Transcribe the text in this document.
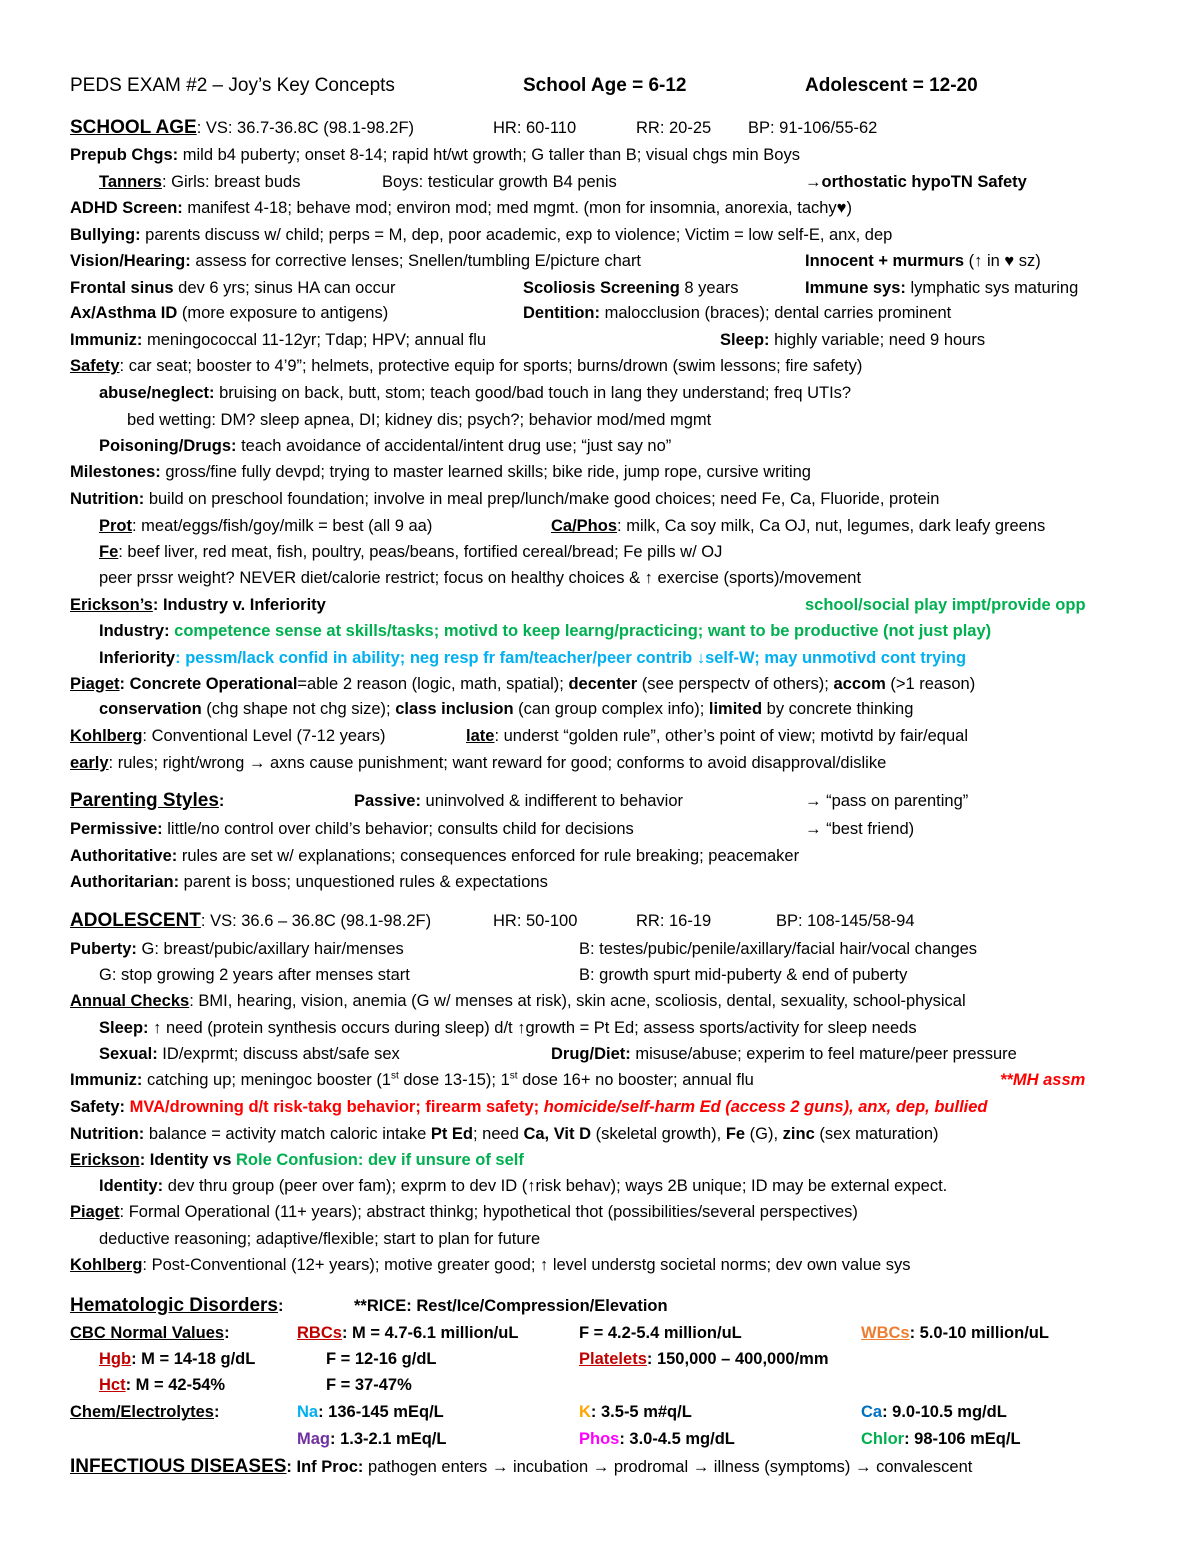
PEDS EXAM #2 – Joy’s Key Concepts	School Age = 6-12	Adolescent = 12-20
SCHOOL AGE: VS: 36.7-36.8C (98.1-98.2F)	HR: 60-110	RR: 20-25 BP: 91-106/55-62
Prepub Chgs: mild b4 puberty; onset 8-14; rapid ht/wt growth; G taller than B; visual chgs min Boys
Tanners: Girls: breast buds	Boys: testicular growth B4 penis	→orthostatic hypoTN Safety
ADHD Screen: manifest 4-18; behave mod; environ mod; med mgmt. (mon for insomnia, anorexia, tachy♥)
Bullying: parents discuss w/ child; perps = M, dep, poor academic, exp to violence; Victim = low self-E, anx, dep
Vision/Hearing: assess for corrective lenses; Snellen/tumbling E/picture chart	Innocent + murmurs (↑ in ♥ sz)
Frontal sinus dev 6 yrs; sinus HA can occur	Scoliosis Screening 8 years	Immune sys: lymphatic sys maturing
Ax/Asthma ID (more exposure to antigens)	Dentition: malocclusion (braces); dental carries prominent
Immuniz: meningococcal 11-12yr; Tdap; HPV; annual flu	Sleep: highly variable; need 9 hours
Safety: car seat; booster to 4’9”; helmets, protective equip for sports; burns/drown (swim lessons; fire safety)
abuse/neglect: bruising on back, butt, stom; teach good/bad touch in lang they understand; freq UTIs?
bed wetting: DM? sleep apnea, DI; kidney dis; psych?; behavior mod/med mgmt
Poisoning/Drugs: teach avoidance of accidental/intent drug use; “just say no”
Milestones: gross/fine fully devpd; trying to master learned skills; bike ride, jump rope, cursive writing
Nutrition: build on preschool foundation; involve in meal prep/lunch/make good choices; need Fe, Ca, Fluoride, protein
Prot: meat/eggs/fish/goy/milk = best (all 9 aa)	Ca/Phos: milk, Ca soy milk, Ca OJ, nut, legumes, dark leafy greens
Fe: beef liver, red meat, fish, poultry, peas/beans, fortified cereal/bread; Fe pills w/ OJ
peer prssr weight? NEVER diet/calorie restrict; focus on healthy choices & ↑ exercise (sports)/movement
Erickson’s: Industry v. Inferiority	school/social play impt/provide opp
Industry: competence sense at skills/tasks; motivd to keep learng/practicing; want to be productive (not just play)
Inferiority: pessm/lack confid in ability; neg resp fr fam/teacher/peer contrib ↓self-W; may unmotivd cont trying
Piaget: Concrete Operational=able 2 reason (logic, math, spatial); decenter (see perspectv of others); accom (>1 reason)
conservation (chg shape not chg size); class inclusion (can group complex info); limited by concrete thinking
Kohlberg: Conventional Level (7-12 years)	late: underst “golden rule”, other’s point of view; motivtd by fair/equal
early: rules; right/wrong → axns cause punishment; want reward for good; conforms to avoid disapproval/dislike
Parenting Styles:	Passive: uninvolved & indifferent to behavior	→ “pass on parenting”
Permissive: little/no control over child’s behavior; consults child for decisions	→ “best friend)
Authoritative: rules are set w/ explanations; consequences enforced for rule breaking; peacemaker
Authoritarian: parent is boss; unquestioned rules & expectations
ADOLESCENT: VS: 36.6 – 36.8C (98.1-98.2F)	HR: 50-100	RR: 16-19	BP: 108-145/58-94
Puberty: G: breast/pubic/axillary hair/menses	B: testes/pubic/penile/axillary/facial hair/vocal changes
G: stop growing 2 years after menses start	B: growth spurt mid-puberty & end of puberty
Annual Checks: BMI, hearing, vision, anemia (G w/ menses at risk), skin acne, scoliosis, dental, sexuality, school-physical
Sleep: ↑ need (protein synthesis occurs during sleep) d/t ↑growth = Pt Ed; assess sports/activity for sleep needs
Sexual: ID/exprmt; discuss abst/safe sex	Drug/Diet: misuse/abuse; experim to feel mature/peer pressure
Immuniz: catching up; meningoc booster (1st dose 13-15); 1st dose 16+ no booster; annual flu	**MH assm
Safety: MVA/drowning d/t risk-takg behavior; firearm safety; homicide/self-harm Ed (access 2 guns), anx, dep, bullied
Nutrition: balance = activity match caloric intake Pt Ed; need Ca, Vit D (skeletal growth), Fe (G), zinc (sex maturation)
Erickson: Identity vs Role Confusion: dev if unsure of self
Identity: dev thru group (peer over fam); exprm to dev ID (↑risk behav); ways 2B unique; ID may be external expect.
Piaget: Formal Operational (11+ years); abstract thinkg; hypothetical thot (possibilities/several perspectives)
deductive reasoning; adaptive/flexible; start to plan for future
Kohlberg: Post-Conventional (12+ years); motive greater good; ↑ level understg societal norms; dev own value sys
Hematologic Disorders:	**RICE: Rest/Ice/Compression/Elevation
CBC Normal Values:	RBCs: M = 4.7-6.1 million/uL	F = 4.2-5.4 million/uL	WBCs: 5.0-10 million/uL
Hgb: M = 14-18 g/dL	F = 12-16 g/dL	Platelets: 150,000 – 400,000/mm
Hct: M = 42-54%	F = 37-47%
Chem/Electrolytes:	Na: 136-145 mEq/L	K: 3.5-5 m#q/L	Ca: 9.0-10.5 mg/dL
Mag: 1.3-2.1 mEq/L	Phos: 3.0-4.5 mg/dL	Chlor: 98-106 mEq/L
INFECTIOUS DISEASES: Inf Proc: pathogen enters → incubation → prodromal → illness (symptoms) → convalescent
